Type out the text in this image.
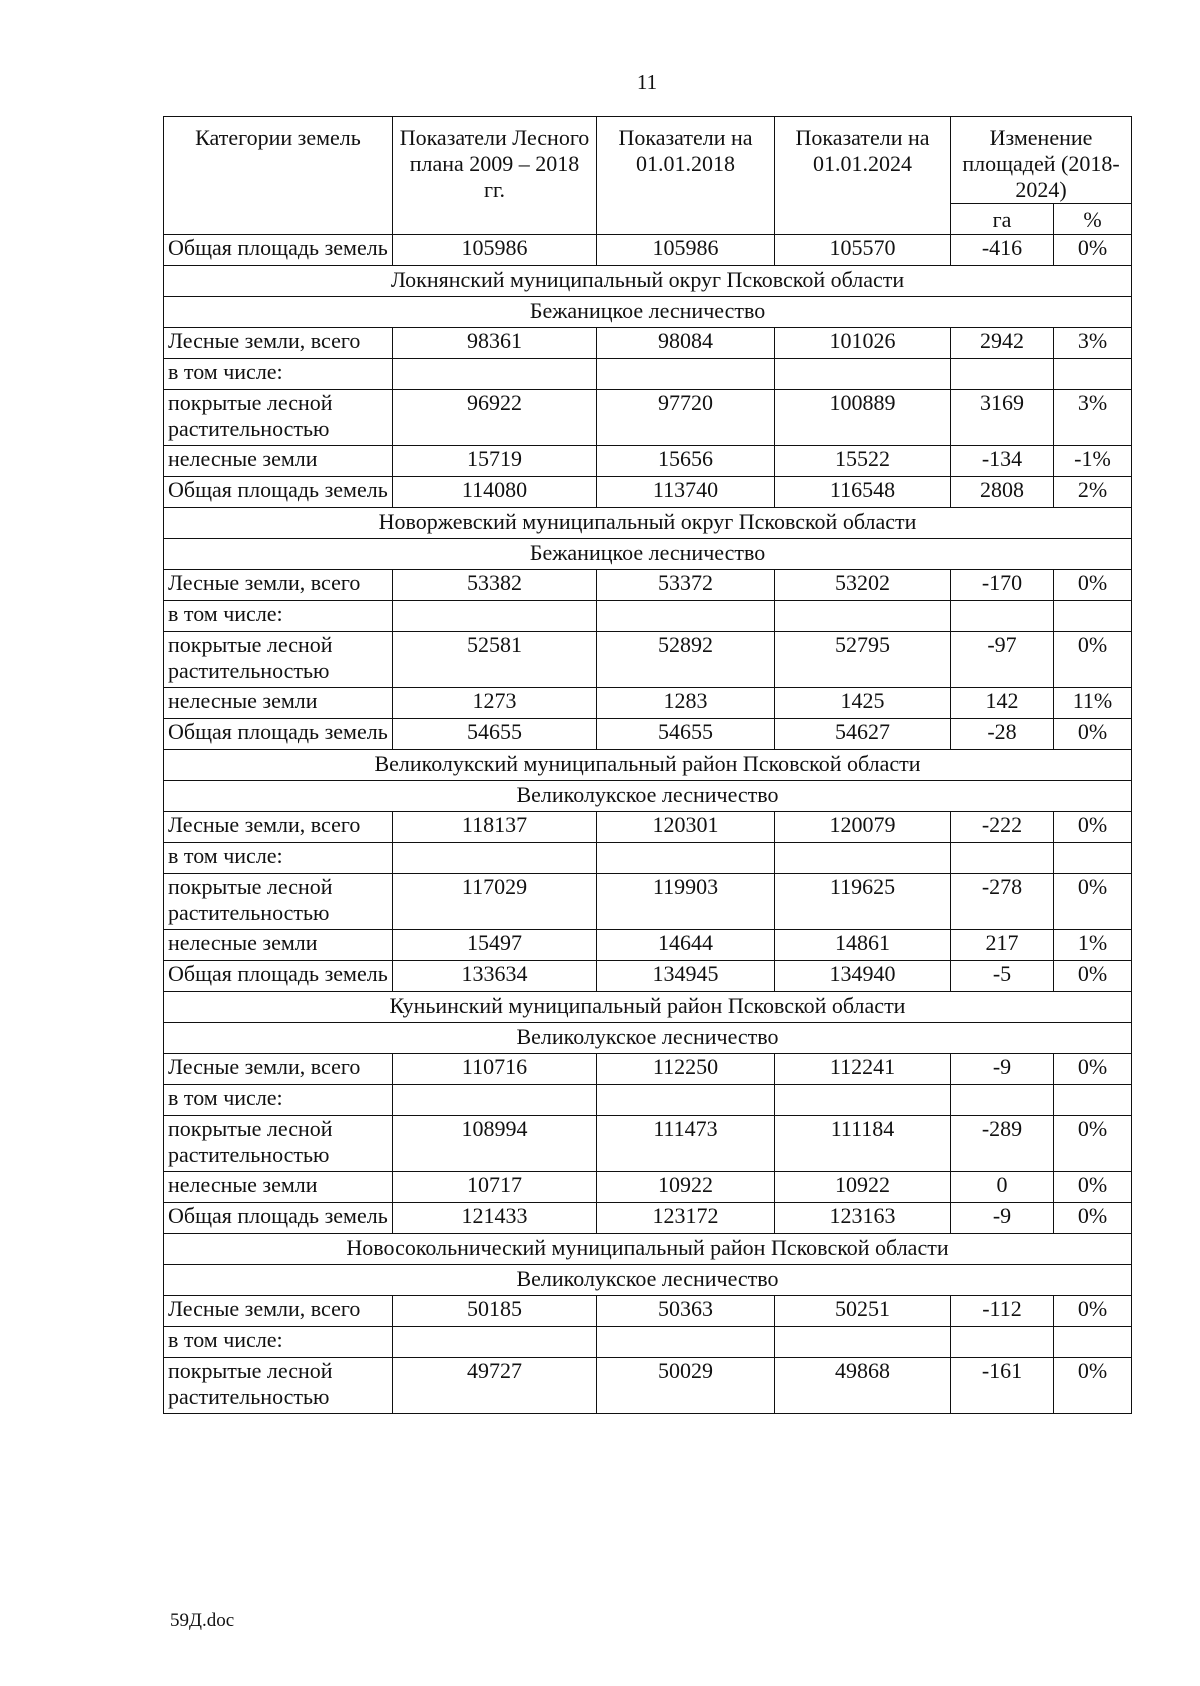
11
Категории земель	Показатели Лесного плана 2009 – 2018 гг.	Показатели на 01.01.2018	Показатели на 01.01.2024	Изменение площадей (2018-2024)	
				га	%
Общая площадь земель	105986	105986	105570	-416	0%
Локнянский муниципальный округ Псковской области					
Бежаницкое лесничество					
Лесные земли, всего	98361	98084	101026	2942	3%
в том числе:					
покрытые лесной растительностью	96922	97720	100889	3169	3%
нелесные земли	15719	15656	15522	-134	-1%
Общая площадь земель	114080	113740	116548	2808	2%
Новоржевский муниципальный округ Псковской области					
Бежаницкое лесничество					
Лесные земли, всего	53382	53372	53202	-170	0%
в том числе:					
покрытые лесной растительностью	52581	52892	52795	-97	0%
нелесные земли	1273	1283	1425	142	11%
Общая площадь земель	54655	54655	54627	-28	0%
Великолукский муниципальный район Псковской области					
Великолукское лесничество					
Лесные земли, всего	118137	120301	120079	-222	0%
в том числе:					
покрытые лесной растительностью	117029	119903	119625	-278	0%
нелесные земли	15497	14644	14861	217	1%
Общая площадь земель	133634	134945	134940	-5	0%
Куньинский муниципальный район Псковской области					
Великолукское лесничество					
Лесные земли, всего	110716	112250	112241	-9	0%
в том числе:					
покрытые лесной растительностью	108994	111473	111184	-289	0%
нелесные земли	10717	10922	10922	0	0%
Общая площадь земель	121433	123172	123163	-9	0%
Новосокольнический муниципальный район Псковской области					
Великолукское лесничество					
Лесные земли, всего	50185	50363	50251	-112	0%
в том числе:					
покрытые лесной растительностью	49727	50029	49868	-161	0%
59Д.doc
